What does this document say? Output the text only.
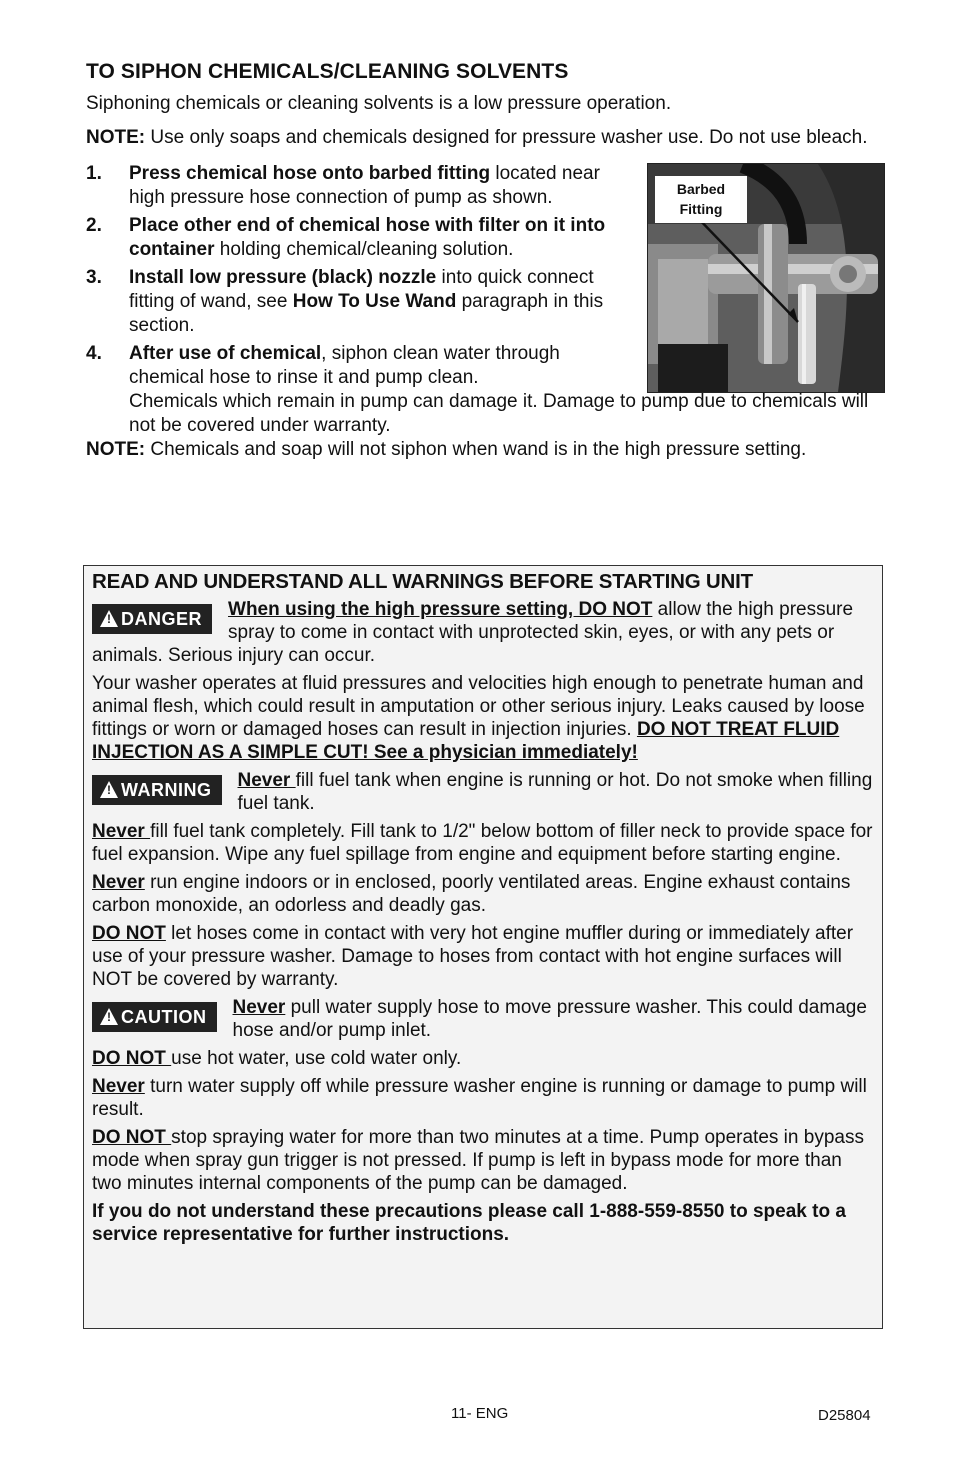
TO SIPHON CHEMICALS/CLEANING SOLVENTS

Siphoning chemicals or cleaning solvents is a low pressure operation.

NOTE: Use only soaps and chemicals designed for pressure washer use. Do not use bleach.

Barbed Fitting
1. Press chemical hose onto barbed fitting located near high pressure hose connection of pump as shown.
2. Place other end of chemical hose with filter on it into container holding chemical/cleaning solution.
3. Install low pressure (black) nozzle into quick connect fitting of wand, see How To Use Wand paragraph in this section.
4. After use of chemical, siphon clean water through chemical hose to rinse it and pump clean.
Chemicals which remain in pump can damage it. Damage to pump due to chemicals will not be covered under warranty.

NOTE: Chemicals and soap will not siphon when wand is in the high pressure setting.

READ AND UNDERSTAND ALL WARNINGS BEFORE STARTING UNIT

!DANGER	When using the high pressure setting, DO NOT allow the high pressure spray to come in contact with unprotected skin, eyes, or with any pets or animals. Serious injury can occur.

Your washer operates at fluid pressures and velocities high enough to penetrate human and animal flesh, which could result in amputation or other serious injury. Leaks caused by loose fittings or worn or damaged hoses can result in injection injuries. DO NOT TREAT FLUID INJECTION AS A SIMPLE CUT! See a physician immediately!

!WARNING	Never fill fuel tank when engine is running or hot. Do not smoke when filling fuel tank.

Never fill fuel tank completely. Fill tank to 1/2" below bottom of filler neck to provide space for fuel expansion. Wipe any fuel spillage from engine and equipment before starting engine.

Never run engine indoors or in enclosed, poorly ventilated areas. Engine exhaust contains carbon monoxide, an odorless and deadly gas.

DO NOT let hoses come in contact with very hot engine muffler during or immediately after use of your pressure washer. Damage to hoses from contact with hot engine surfaces will NOT be covered by warranty.

!CAUTION	Never pull water supply hose to move pressure washer. This could damage hose and/or pump inlet.

DO NOT use hot water, use cold water only.

Never turn water supply off while pressure washer engine is running or damage to pump will result.

DO NOT stop spraying water for more than two minutes at a time. Pump operates in bypass mode when spray gun trigger is not pressed. If pump is left in bypass mode for more than two minutes internal components of the pump can be damaged.

If you do not understand these precautions please call 1-888-559-8550 to speak to a service representative for further instructions.

11- ENG	D25804
